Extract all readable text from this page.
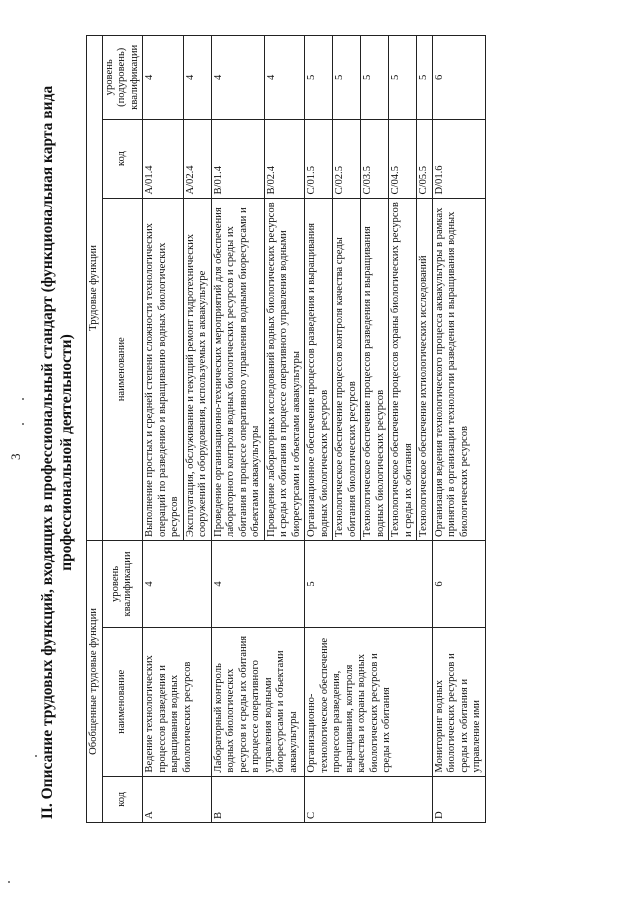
3 II. Описание трудовых функций, входящих в профессиональный стандарт (функциональная карта вида профессиональной деятельности)
Обобщенные трудовые функции			Трудовые функции		
код	наименование	уровень квалификации	наименование	код	уровень (подуровень) квалификации
A	Ведение технологических процессов разведения и выращивания водных биологических ресурсов	4	Выполнение простых и средней степени сложности технологических операций по разведению и выращиванию водных биологических ресурсов	A/01.4	4
			Эксплуатация, обслуживание и текущий ремонт гидротехнических сооружений и оборудования, используемых в аквакультуре	A/02.4	4
B	Лабораторный контроль водных биологических ресурсов и среды их обитания в процессе оперативного управления водными биоресурсами и объектами аквакультуры	4	Проведение организационно-технических мероприятий для обеспечения лабораторного контроля водных биологических ресурсов и среды их обитания в процессе оперативного управления водными биоресурсами и объектами аквакультуры	B/01.4	4
			Проведение лабораторных исследований водных биологических ресурсов и среды их обитания в процессе оперативного управления водными биоресурсами и объектами аквакультуры	B/02.4	4
C	Организационно-технологическое обеспечение процессов разведения, выращивания, контроля качества и охраны водных биологических ресурсов и среды их обитания	5	Организационное обеспечение процессов разведения и выращивания водных биологических ресурсов	C/01.5	5
			Технологическое обеспечение процессов контроля качества среды обитания биологических ресурсов	C/02.5	5
			Технологическое обеспечение процессов разведения и выращивания водных биологических ресурсов	C/03.5	5
			Технологическое обеспечение процессов охраны биологических ресурсов и среды их обитания	C/04.5	5
			Технологическое обеспечение ихтиологических исследований	C/05.5	5
D	Мониторинг водных биологических ресурсов и среды их обитания и управление ими	6	Организация ведения технологического процесса аквакультуры в рамках принятой в организации технологии разведения и выращивания водных биологических ресурсов	D/01.6	6
